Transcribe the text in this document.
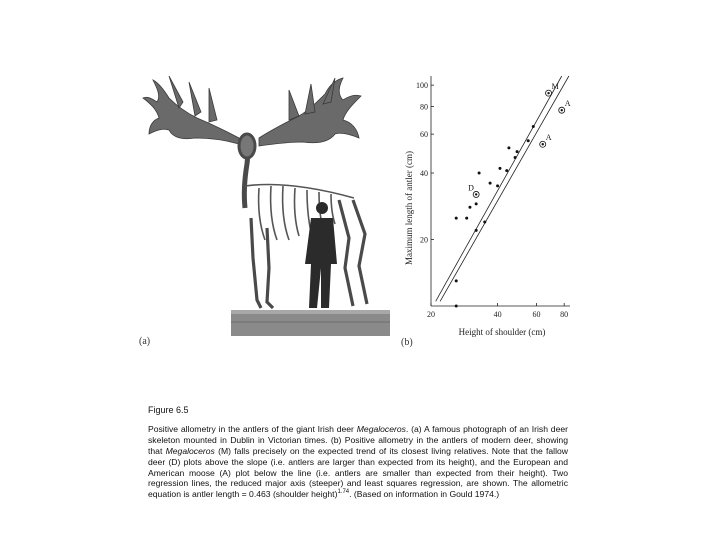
(a)
20
40
60
80
100
20	40	60 80
M
A
A
D
Maximum length of antler (cm)
Height of shoulder (cm)
(b)
Figure 6.5

Positive allometry in the antlers of the giant Irish deer Megaloceros. (a) A famous photograph of an Irish deer skeleton mounted in Dublin in Victorian times. (b) Positive allometry in the antlers of modern deer, showing that Megaloceros (M) falls precisely on the expected trend of its closest living relatives. Note that the fallow deer (D) plots above the slope (i.e. antlers are larger than expected from its height), and the European and American moose (A) plot below the line (i.e. antlers are smaller than expected from their height). Two regression lines, the reduced major axis (steeper) and least squares regression, are shown. The allometric equation is antler length = 0.463 (shoulder height)$^{1.74}$. (Based on information in Gould 1974.)
